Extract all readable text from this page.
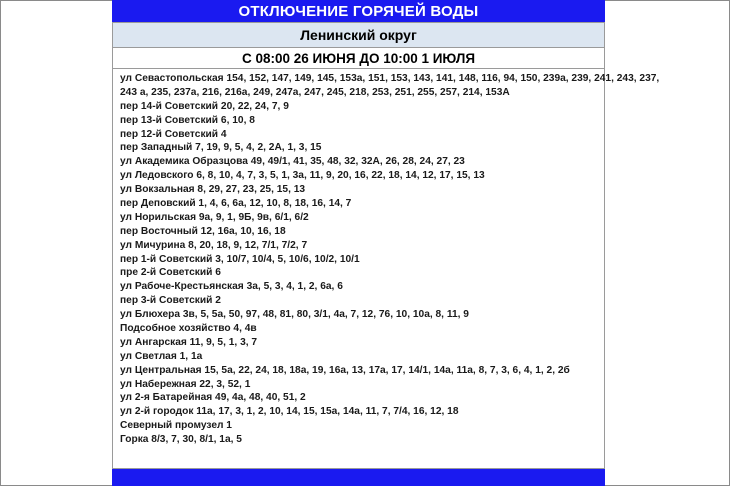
ОТКЛЮЧЕНИЕ ГОРЯЧЕЙ ВОДЫ
Ленинский округ
С 08:00 26 ИЮНЯ ДО 10:00 1 ИЮЛЯ
ул Севастопольская 154, 152, 147, 149, 145, 153а, 151, 153, 143, 141, 148, 116, 94, 150, 239а, 239, 241, 243, 237,
243 а, 235, 237а, 216, 216а, 249, 247а, 247, 245, 218, 253, 251, 255, 257, 214, 153А
пер 14-й Советский 20, 22, 24, 7, 9
пер 13-й Советский 6, 10, 8
пер 12-й Советский 4
пер Западный 7, 19, 9, 5, 4, 2, 2А, 1, 3, 15
ул Академика Образцова 49, 49/1, 41, 35, 48, 32, 32А, 26, 28, 24, 27, 23
ул Ледовского 6, 8, 10, 4, 7, 3, 5, 1, 3а, 11, 9, 20, 16, 22, 18, 14, 12, 17, 15, 13
ул Вокзальная 8, 29, 27, 23, 25, 15, 13
пер Деповский 1, 4, 6, 6а, 12, 10, 8, 18, 16, 14, 7
ул Норильская 9а, 9, 1, 9Б, 9в, 6/1, 6/2
пер Восточный 12, 16а, 10, 16, 18
ул Мичурина 8, 20, 18, 9, 12, 7/1, 7/2, 7
пер 1-й Советский 3, 10/7, 10/4, 5, 10/6, 10/2, 10/1
пре 2-й Советский 6
ул Рабоче-Крестьянская 3а, 5, 3, 4, 1, 2, 6а, 6
пер 3-й Советский 2
ул Блюхера 3в, 5, 5а, 50, 97, 48, 81, 80, 3/1, 4а, 7, 12, 76, 10, 10а, 8, 11, 9
Подсобное хозяйство 4, 4в
ул Ангарская 11, 9, 5, 1, 3, 7
ул Светлая 1, 1а
ул Центральная 15, 5а, 22, 24, 18, 18а, 19, 16а, 13, 17а, 17, 14/1, 14а, 11а, 8, 7, 3, 6, 4, 1, 2, 2б
ул Набережная 22, 3, 52, 1
ул 2-я Батарейная 49, 4а, 48, 40, 51, 2
ул 2-й городок 11а, 17, 3, 1, 2, 10, 14, 15, 15а, 14а, 11, 7, 7/4, 16, 12, 18
Северный промузел 1
Горка 8/3, 7, 30, 8/1, 1а, 5
